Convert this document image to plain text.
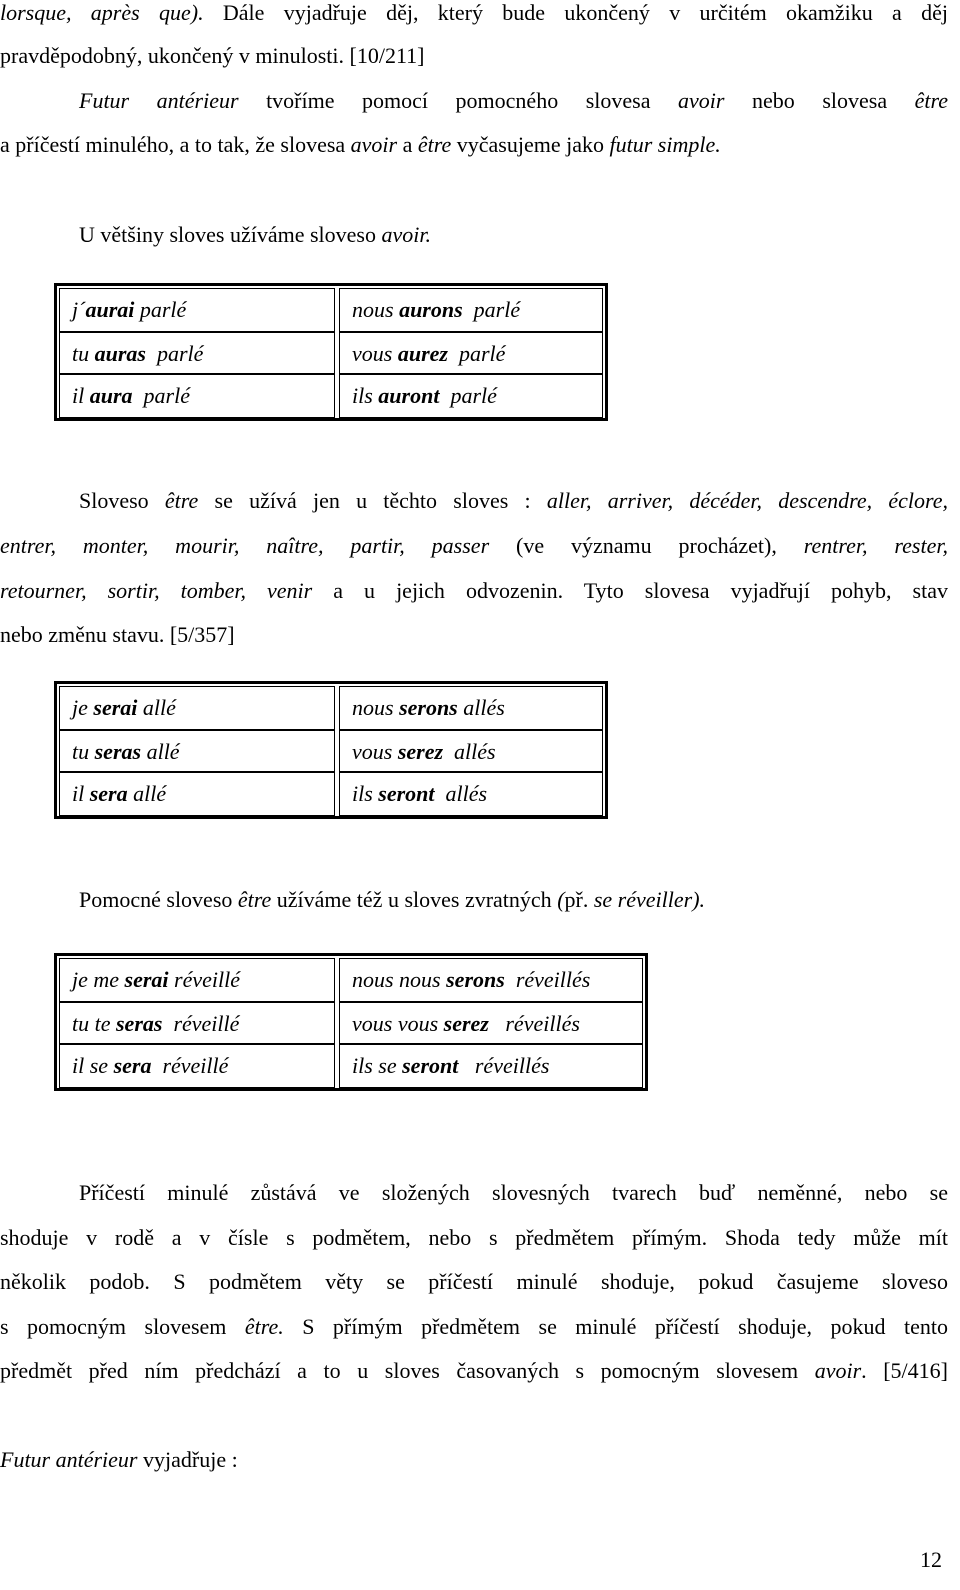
lorsque, après que). Dále vyjadřuje děj, který bude ukončený v určitém okamžiku a děj
pravděpodobný, ukončený v minulosti. [10/211]
Futur antérieur tvoříme pomocí pomocného slovesa avoir nebo slovesa être
a příčestí minulého, a to tak, že slovesa avoir a être vyčasujeme jako futur simple.
U většiny sloves užíváme sloveso avoir.
j´aurai parlé
tu auras  parlé
il aura  parlé
nous aurons  parlé
vous aurez  parlé
ils auront  parlé
Sloveso être se užívá jen u těchto sloves : aller, arriver, décéder, descendre, éclore,
entrer, monter, mourir, naître, partir, passer (ve významu procházet), rentrer, rester,
retourner, sortir, tomber, venir a u jejich odvozenin. Tyto slovesa vyjadřují pohyb, stav
nebo změnu stavu. [5/357]
je serai allé
tu seras allé
il sera allé
nous serons allés
vous serez  allés
ils seront  allés
Pomocné sloveso être užíváme též u sloves zvratných (př. se réveiller).
je me serai réveillé
tu te seras  réveillé
il se sera  réveillé
nous nous serons  réveillés
vous vous serez   réveillés
ils se seront   réveillés
Příčestí minulé zůstává ve složených slovesných tvarech buď neměnné, nebo se
shoduje v rodě a v čísle s podmětem, nebo s předmětem přímým. Shoda tedy může mít
několik podob. S podmětem věty se příčestí minulé shoduje, pokud časujeme sloveso
s pomocným slovesem être. S přímým předmětem se minulé příčestí shoduje, pokud tento
předmět před ním předchází a to u sloves časovaných s pomocným slovesem avoir. [5/416]
Futur antérieur vyjadřuje :
12
